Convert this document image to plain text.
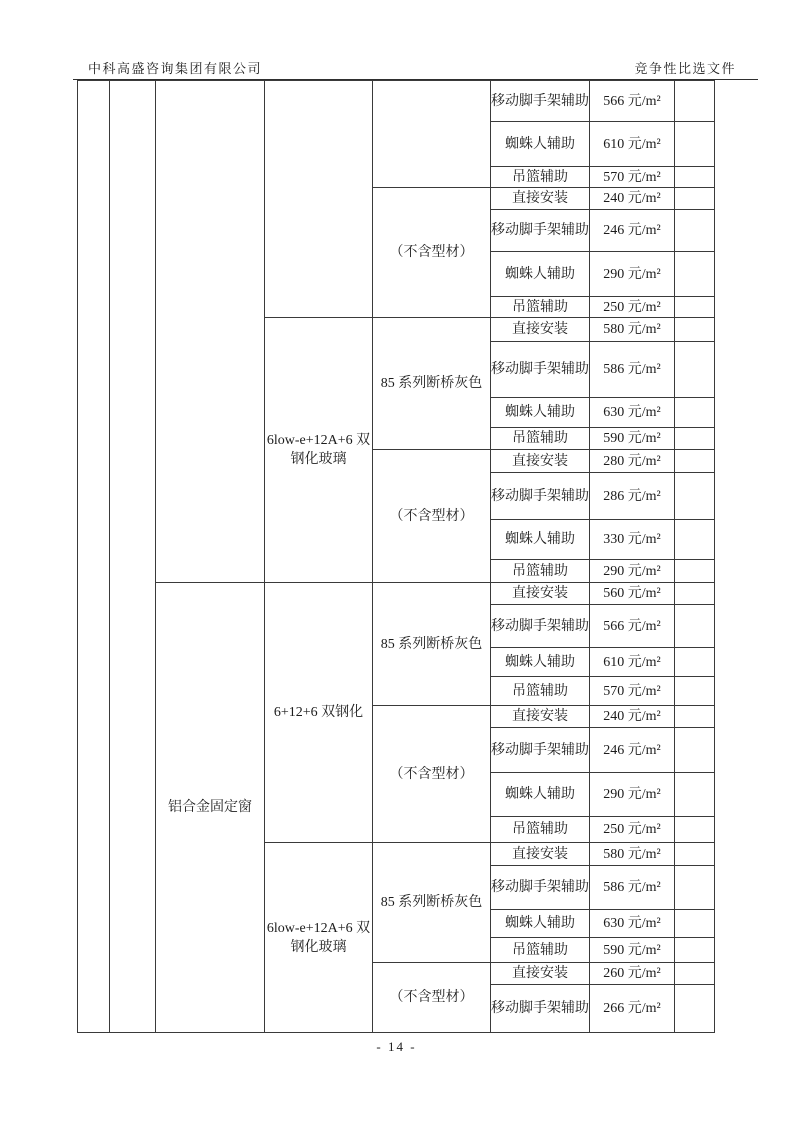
中科高盛咨询集团有限公司	竞争性比选文件
					移动脚手架辅助	566 元/m²	
					蜘蛛人辅助	610 元/m²	
					吊篮辅助	570 元/m²	
				（不含型材）	直接安装	240 元/m²	
					移动脚手架辅助	246 元/m²	
					蜘蛛人辅助	290 元/m²	
					吊篮辅助	250 元/m²	
			6low-e+12A+6 双钢化玻璃	85 系列断桥灰色	直接安装	580 元/m²	
					移动脚手架辅助	586 元/m²	
					蜘蛛人辅助	630 元/m²	
					吊篮辅助	590 元/m²	
				（不含型材）	直接安装	280 元/m²	
					移动脚手架辅助	286 元/m²	
					蜘蛛人辅助	330 元/m²	
					吊篮辅助	290 元/m²	
		铝合金固定窗	6+12+6 双钢化	85 系列断桥灰色	直接安装	560 元/m²	
					移动脚手架辅助	566 元/m²	
					蜘蛛人辅助	610 元/m²	
					吊篮辅助	570 元/m²	
				（不含型材）	直接安装	240 元/m²	
					移动脚手架辅助	246 元/m²	
					蜘蛛人辅助	290 元/m²	
					吊篮辅助	250 元/m²	
			6low-e+12A+6 双钢化玻璃	85 系列断桥灰色	直接安装	580 元/m²	
					移动脚手架辅助	586 元/m²	
					蜘蛛人辅助	630 元/m²	
					吊篮辅助	590 元/m²	
				（不含型材）	直接安装	260 元/m²	
					移动脚手架辅助	266 元/m²	
- 14 -
